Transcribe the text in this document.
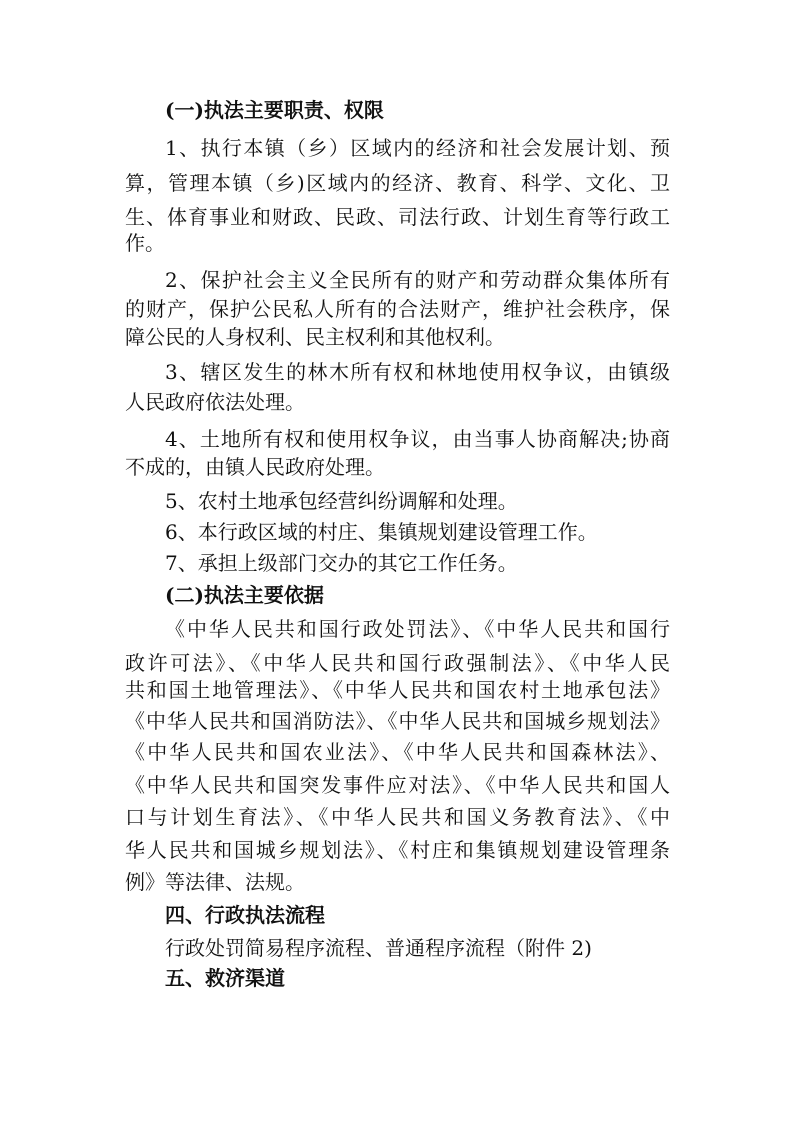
(一)执法主要职责、权限
1、执行本镇（乡）区域内的经济和社会发展计划、预
算，管理本镇（乡)区域内的经济、教育、科学、文化、卫
生、体育事业和财政、民政、司法行政、计划生育等行政工
作。
2、保护社会主义全民所有的财产和劳动群众集体所有
的财产，保护公民私人所有的合法财产，维护社会秩序，保
障公民的人身权利、民主权利和其他权利。
3、辖区发生的林木所有权和林地使用权争议，由镇级
人民政府依法处理。
4、土地所有权和使用权争议，由当事人协商解决;协商
不成的，由镇人民政府处理。
5、农村土地承包经营纠纷调解和处理。
6、本行政区域的村庄、集镇规划建设管理工作。
7、承担上级部门交办的其它工作任务。
(二)执法主要依据
《中华人民共和国行政处罚法》、《中华人民共和国行
政许可法》、《中华人民共和国行政强制法》、《中华人民
共和国土地管理法》、《中华人民共和国农村土地承包法》
《中华人民共和国消防法》、《中华人民共和国城乡规划法》
《中华人民共和国农业法》、《中华人民共和国森林法》、
《中华人民共和国突发事件应对法》、《中华人民共和国人
口与计划生育法》、《中华人民共和国义务教育法》、《中
华人民共和国城乡规划法》、《村庄和集镇规划建设管理条
例》等法律、法规。
四、行政执法流程
行政处罚简易程序流程、普通程序流程（附件 2)
五、救济渠道
